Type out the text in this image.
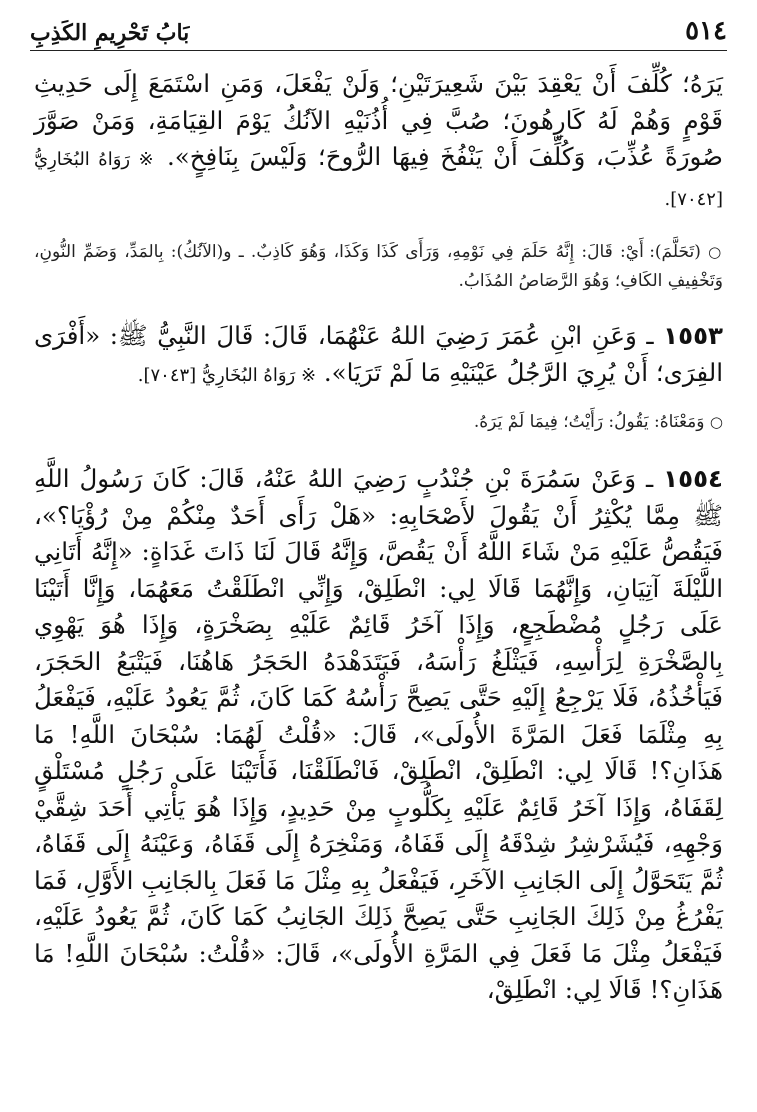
٥١٤
بَابُ تَحْرِيمِ الكَذِبِ

يَرَهُ؛ كُلِّفَ أَنْ يَعْقِدَ بَيْنَ شَعِيرَتَيْنِ؛ وَلَنْ يَفْعَلَ، وَمَنِ اسْتَمَعَ إِلَى حَدِيثِ قَوْمٍ وَهُمْ لَهُ كَارِهُونَ؛ صُبَّ فِي أُذُنَيْهِ الآنُكُ يَوْمَ القِيَامَةِ، وَمَنْ صَوَّرَ صُورَةً عُذِّبَ، وَكُلِّفَ أَنْ يَنْفُخَ فِيهَا الرُّوحَ؛ وَلَيْسَ بِنَافِخٍ». ※ رَوَاهُ البُخَارِيُّ [٧٠٤٢].

○ (تَحَلَّمَ): أَيْ: قَالَ: إِنَّهُ حَلَمَ فِي نَوْمِهِ، وَرَأَى كَذَا وَكَذَا، وَهُوَ كَاذِبٌ. ـ و(الآنُكُ): بِالمَدِّ، وَضَمِّ النُّونِ، وَتَخْفِيفِ الكَافِ؛ وَهُوَ الرَّصَاصُ المُذَابُ.

١٥٥٣ ـ وَعَنِ ابْنِ عُمَرَ رَضِيَ اللهُ عَنْهُمَا، قَالَ: قَالَ النَّبِيُّ ﷺ: «أَفْرَى الفِرَى؛ أَنْ يُرِيَ الرَّجُلُ عَيْنَيْهِ مَا لَمْ تَرَيَا». ※ رَوَاهُ البُخَارِيُّ [٧٠٤٣].

○ وَمَعْنَاهُ: يَقُولُ: رَأَيْتُ؛ فِيمَا لَمْ يَرَهُ.

١٥٥٤ ـ وَعَنْ سَمُرَةَ بْنِ جُنْدُبٍ رَضِيَ اللهُ عَنْهُ، قَالَ: كَانَ رَسُولُ اللَّهِ ﷺ مِمَّا يُكْثِرُ أَنْ يَقُولَ لأَصْحَابِهِ: «هَلْ رَأَى أَحَدٌ مِنْكُمْ مِنْ رُؤْيَا؟»، فَيَقُصُّ عَلَيْهِ مَنْ شَاءَ اللَّهُ أَنْ يَقُصَّ، وَإِنَّهُ قَالَ لَنَا ذَاتَ غَدَاةٍ: «إِنَّهُ أَتَانِي اللَّيْلَةَ آتِيَانِ، وَإِنَّهُمَا قَالَا لِي: انْطَلِقْ، وَإِنِّي انْطَلَقْتُ مَعَهُمَا، وَإِنَّا أَتَيْنَا عَلَى رَجُلٍ مُضْطَجِعٍ، وَإِذَا آخَرُ قَائِمٌ عَلَيْهِ بِصَخْرَةٍ، وَإِذَا هُوَ يَهْوِي بِالصَّخْرَةِ لِرَأْسِهِ، فَيَثْلَغُ رَأْسَهُ، فَيَتَدَهْدَهُ الحَجَرُ هَاهُنَا، فَيَتْبَعُ الحَجَرَ، فَيَأْخُذُهُ، فَلَا يَرْجِعُ إِلَيْهِ حَتَّى يَصِحَّ رَأْسُهُ كَمَا كَانَ، ثُمَّ يَعُودُ عَلَيْهِ، فَيَفْعَلُ بِهِ مِثْلَمَا فَعَلَ المَرَّةَ الأُولَى»، قَالَ: «قُلْتُ لَهُمَا: سُبْحَانَ اللَّهِ! مَا هَذَانِ؟! قَالَا لِي: انْطَلِقْ، انْطَلِقْ، فَانْطَلَقْنَا، فَأَتَيْنَا عَلَى رَجُلٍ مُسْتَلْقٍ لِقَفَاهُ، وَإِذَا آخَرُ قَائِمٌ عَلَيْهِ بِكَلُّوبٍ مِنْ حَدِيدٍ، وَإِذَا هُوَ يَأْتِي أَحَدَ شِقَّيْ وَجْهِهِ، فَيُشَرْشِرُ شِدْقَهُ إِلَى قَفَاهُ، وَمَنْخِرَهُ إِلَى قَفَاهُ، وَعَيْنَهُ إِلَى قَفَاهُ، ثُمَّ يَتَحَوَّلُ إِلَى الجَانِبِ الآخَرِ، فَيَفْعَلُ بِهِ مِثْلَ مَا فَعَلَ بِالجَانِبِ الأَوَّلِ، فَمَا يَفْرُغُ مِنْ ذَلِكَ الجَانِبِ حَتَّى يَصِحَّ ذَلِكَ الجَانِبُ كَمَا كَانَ، ثُمَّ يَعُودُ عَلَيْهِ، فَيَفْعَلُ مِثْلَ مَا فَعَلَ فِي المَرَّةِ الأُولَى»، قَالَ: «قُلْتُ: سُبْحَانَ اللَّهِ! مَا هَذَانِ؟! قَالَا لِي: انْطَلِقْ،
